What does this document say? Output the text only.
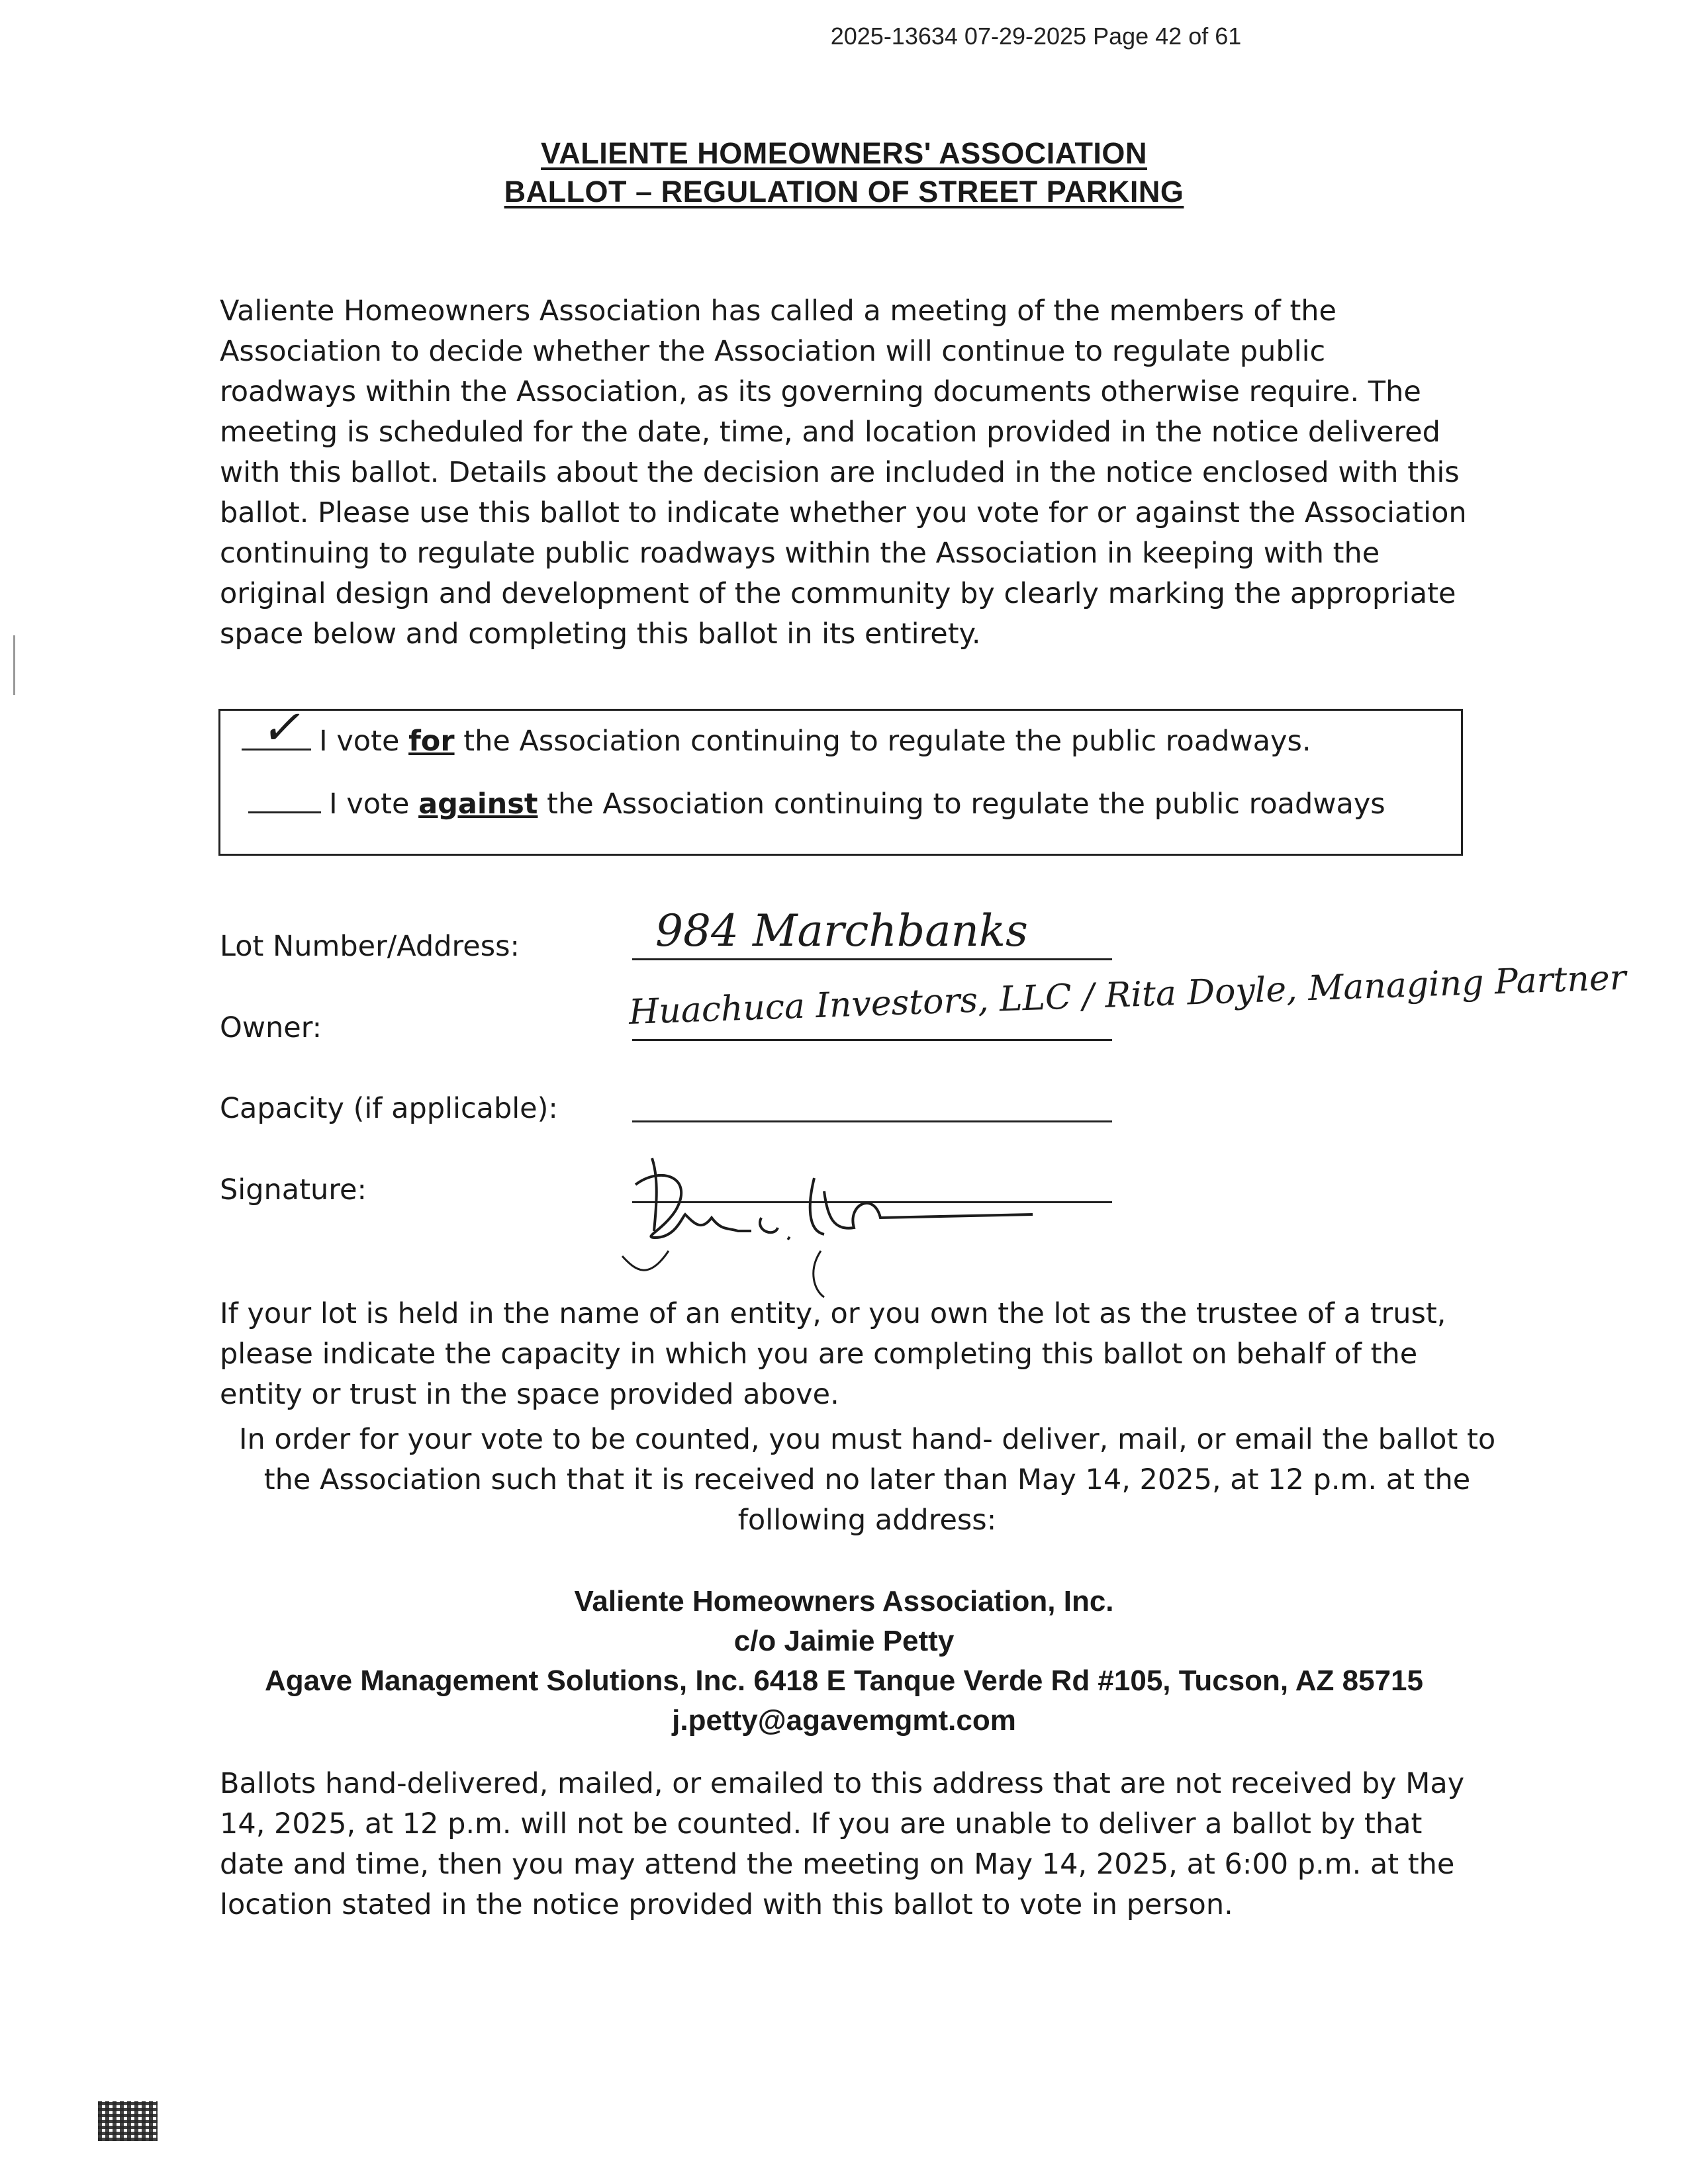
2025-13634 07-29-2025 Page 42 of 61
VALIENTE HOMEOWNERS' ASSOCIATION
BALLOT – REGULATION OF STREET PARKING
Valiente Homeowners Association has called a meeting of the members of the
Association to decide whether the Association will continue to regulate public
roadways within the Association, as its governing documents otherwise require. The
meeting is scheduled for the date, time, and location provided in the notice delivered
with this ballot. Details about the decision are included in the notice enclosed with this
ballot. Please use this ballot to indicate whether you vote for or against the Association
continuing to regulate public roadways within the Association in keeping with the
original design and development of the community by clearly marking the appropriate
space below and completing this ballot in its entirety.
✓ I vote for the Association continuing to regulate the public roadways.
I vote against the Association continuing to regulate the public roadways
Lot Number/Address:	984 Marchbanks
Owner:	Huachuca Investors, LLC / Rita Doyle, Managing Partner
Capacity (if applicable):
Signature:
If your lot is held in the name of an entity, or you own the lot as the trustee of a trust,
please indicate the capacity in which you are completing this ballot on behalf of the
entity or trust in the space provided above.
In order for your vote to be counted, you must hand- deliver, mail, or email the ballot to
the Association such that it is received no later than May 14, 2025, at 12 p.m. at the
following address:
Valiente Homeowners Association, Inc.
c/o Jaimie Petty
Agave Management Solutions, Inc. 6418 E Tanque Verde Rd #105, Tucson, AZ 85715
j.petty@agavemgmt.com
Ballots hand-delivered, mailed, or emailed to this address that are not received by May
14, 2025, at 12 p.m. will not be counted. If you are unable to deliver a ballot by that
date and time, then you may attend the meeting on May 14, 2025, at 6:00 p.m. at the
location stated in the notice provided with this ballot to vote in person.
